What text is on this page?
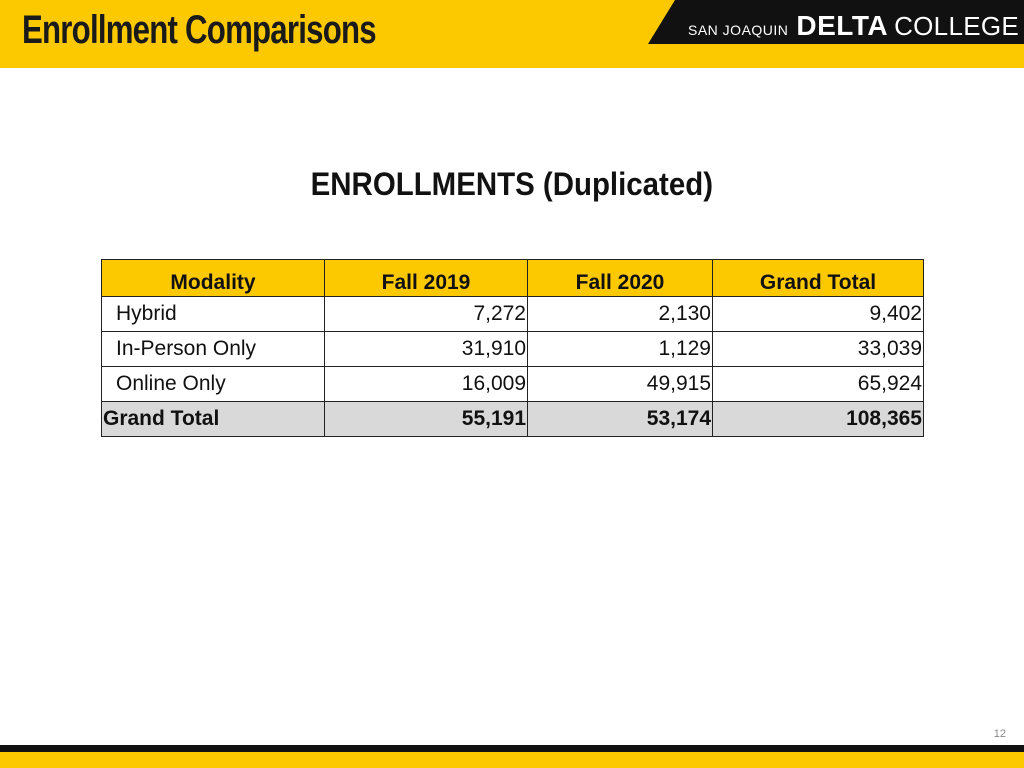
Enrollment Comparisons	SAN JOAQUIN DELTA COLLEGE
ENROLLMENTS (Duplicated)
Modality	Fall 2019	Fall 2020	Grand Total
Hybrid	7,272	2,130	9,402
In-Person Only	31,910	1,129	33,039
Online Only	16,009	49,915	65,924
Grand Total	55,191	53,174	108,365
12
